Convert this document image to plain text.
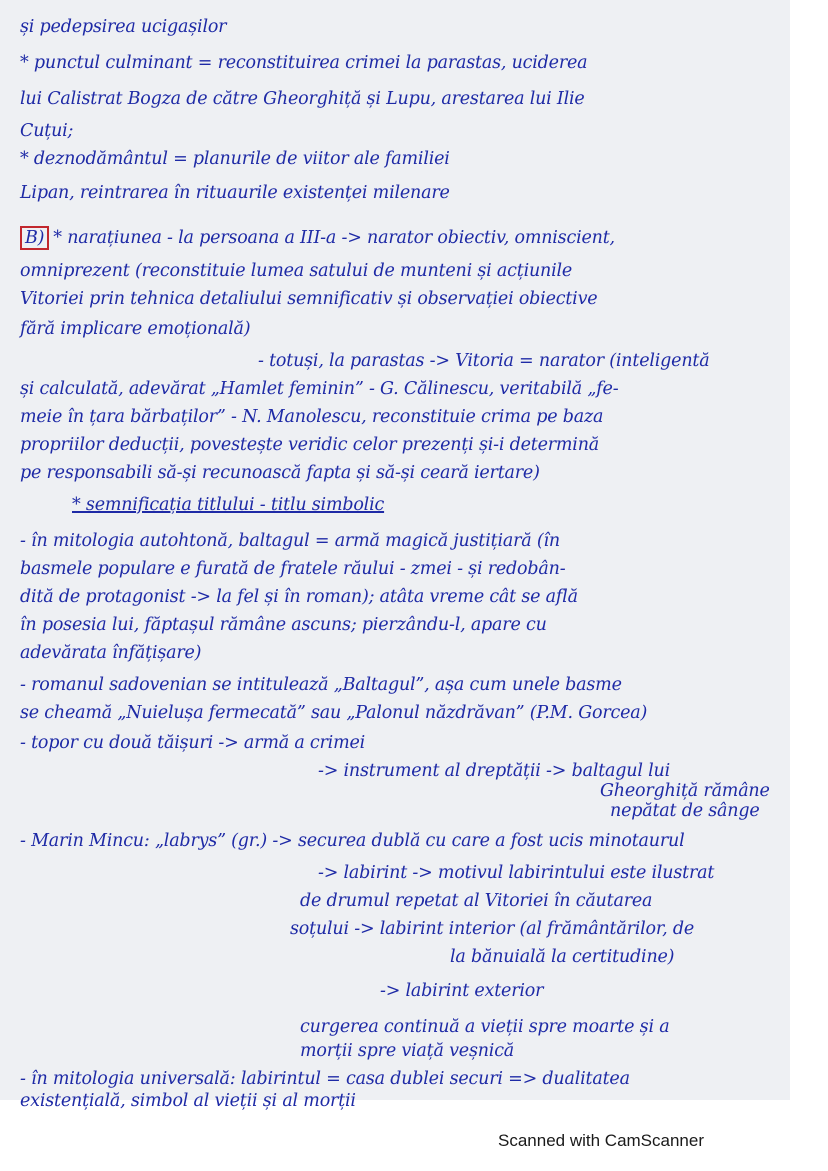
și pedepsirea ucigașilor
* punctul culminant = reconstituirea crimei la parastas, uciderea
lui Calistrat Bogza de către Gheorghiță și Lupu, arestarea lui Ilie
Cuțui;
* deznodământul = planurile de viitor ale familiei
Lipan, reintrarea în rituaurile existenței milenare
B) * narațiunea - la persoana a III-a -> narator obiectiv, omniscient,
omniprezent (reconstituie lumea satului de munteni și acțiunile
Vitoriei prin tehnica detaliului semnificativ și observației obiective
fără implicare emoțională)
- totuși, la parastas -> Vitoria = narator (inteligentă
și calculată, adevărat „Hamlet feminin” - G. Călinescu, veritabilă „fe-
meie în țara bărbaților” - N. Manolescu, reconstituie crima pe baza
propriilor deducții, povestește veridic celor prezenți și-i determină
pe responsabili să-și recunoască fapta și să-și ceară iertare)
* semnificația titlului - titlu simbolic
- în mitologia autohtonă, baltagul = armă magică justițiară (în
basmele populare e furată de fratele răului - zmei - și redobân-
dită de protagonist -> la fel și în roman); atâta vreme cât se află
în posesia lui, făptașul rămâne ascuns; pierzându-l, apare cu
adevărata înfățișare)
- romanul sadovenian se intitulează „Baltagul”, așa cum unele basme
se cheamă „Nuielușa fermecată” sau „Palonul năzdrăvan” (P.M. Gorcea)
- topor cu două tăișuri -> armă a crimei
-> instrument al dreptății -> baltagul lui
Gheorghiță rămâne
nepătat de sânge
- Marin Mincu: „labrys” (gr.) -> securea dublă cu care a fost ucis minotaurul
-> labirint -> motivul labirintului este ilustrat
de drumul repetat al Vitoriei în căutarea
soțului -> labirint interior (al frământărilor, de
la bănuială la certitudine)
-> labirint exterior
curgerea continuă a vieții spre moarte și a
morții spre viață veșnică
- în mitologia universală: labirintul = casa dublei securi => dualitatea
existențială, simbol al vieții și al morții
Scanned with CamScanner
